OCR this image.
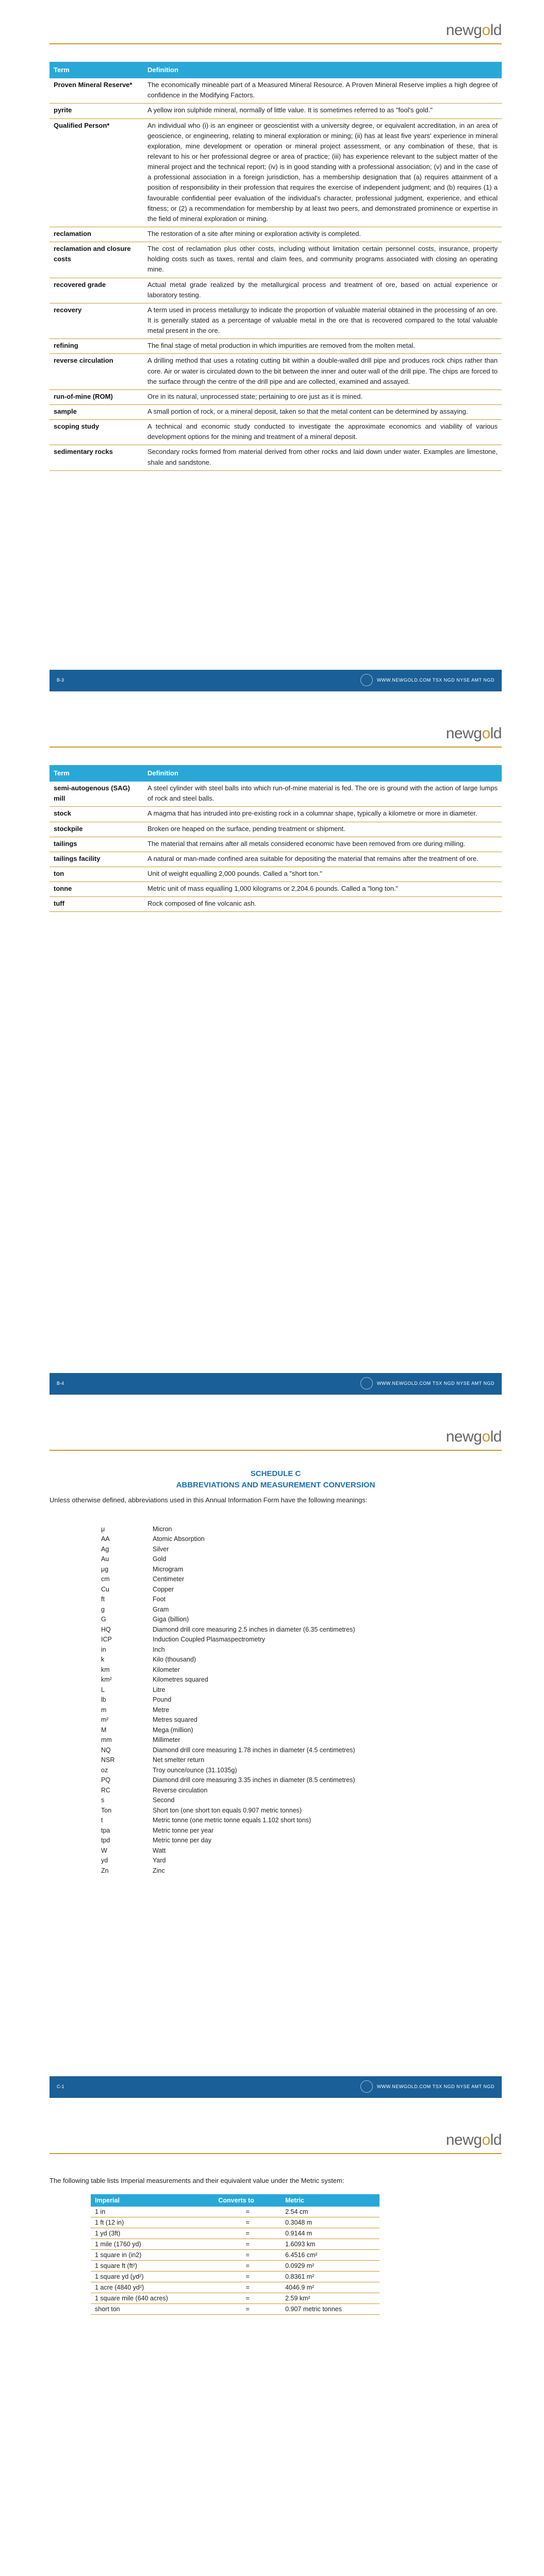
newgold
Term	Definition
Proven Mineral Reserve*	The economically mineable part of a Measured Mineral Resource. A Proven Mineral Reserve implies a high degree of confidence in the Modifying Factors.
pyrite	A yellow iron sulphide mineral, normally of little value. It is sometimes referred to as "fool's gold."
Qualified Person*	An individual who (i) is an engineer or geoscientist with a university degree, or equivalent accreditation, in an area of geoscience, or engineering, relating to mineral exploration or mining; (ii) has at least five years' experience in mineral exploration, mine development or operation or mineral project assessment, or any combination of these, that is relevant to his or her professional degree or area of practice; (iii) has experience relevant to the subject matter of the mineral project and the technical report; (iv) is in good standing with a professional association; (v) and in the case of a professional association in a foreign jurisdiction, has a membership designation that (a) requires attainment of a position of responsibility in their profession that requires the exercise of independent judgment; and (b) requires (1) a favourable confidential peer evaluation of the individual's character, professional judgment, experience, and ethical fitness; or (2) a recommendation for membership by at least two peers, and demonstrated prominence or expertise in the field of mineral exploration or mining.
reclamation	The restoration of a site after mining or exploration activity is completed.
reclamation and closure costs	The cost of reclamation plus other costs, including without limitation certain personnel costs, insurance, property holding costs such as taxes, rental and claim fees, and community programs associated with closing an operating mine.
recovered grade	Actual metal grade realized by the metallurgical process and treatment of ore, based on actual experience or laboratory testing.
recovery	A term used in process metallurgy to indicate the proportion of valuable material obtained in the processing of an ore. It is generally stated as a percentage of valuable metal in the ore that is recovered compared to the total valuable metal present in the ore.
refining	The final stage of metal production in which impurities are removed from the molten metal.
reverse circulation	A drilling method that uses a rotating cutting bit within a double-walled drill pipe and produces rock chips rather than core. Air or water is circulated down to the bit between the inner and outer wall of the drill pipe. The chips are forced to the surface through the centre of the drill pipe and are collected, examined and assayed.
run-of-mine (ROM)	Ore in its natural, unprocessed state; pertaining to ore just as it is mined.
sample	A small portion of rock, or a mineral deposit, taken so that the metal content can be determined by assaying.
scoping study	A technical and economic study conducted to investigate the approximate economics and viability of various development options for the mining and treatment of a mineral deposit.
sedimentary rocks	Secondary rocks formed from material derived from other rocks and laid down under water. Examples are limestone, shale and sandstone.
B-3	WWW.NEWGOLD.COM TSX NGD NYSE AMT NGD
newgold
Term	Definition
semi-autogenous (SAG) mill	A steel cylinder with steel balls into which run-of-mine material is fed. The ore is ground with the action of large lumps of rock and steel balls.
stock	A magma that has intruded into pre-existing rock in a columnar shape, typically a kilometre or more in diameter.
stockpile	Broken ore heaped on the surface, pending treatment or shipment.
tailings	The material that remains after all metals considered economic have been removed from ore during milling.
tailings facility	A natural or man-made confined area suitable for depositing the material that remains after the treatment of ore.
ton	Unit of weight equalling 2,000 pounds. Called a "short ton."
tonne	Metric unit of mass equalling 1,000 kilograms or 2,204.6 pounds. Called a "long ton."
tuff	Rock composed of fine volcanic ash.
B-4	WWW.NEWGOLD.COM TSX NGD NYSE AMT NGD
newgold
SCHEDULE C
ABBREVIATIONS AND MEASUREMENT CONVERSION

Unless otherwise defined, abbreviations used in this Annual Information Form have the following meanings:

μ	Micron
AA	Atomic Absorption
Ag	Silver
Au	Gold
μg	Microgram
cm	Centimeter
Cu	Copper
ft	Foot
g	Gram
G	Giga (billion)
HQ	Diamond drill core measuring 2.5 inches in diameter (6.35 centimetres)
ICP	Induction Coupled Plasmaspectrometry
in	Inch
k	Kilo (thousand)
km	Kilometer
km²	Kilometres squared
L	Litre
lb	Pound
m	Metre
m²	Metres squared
M	Mega (million)
mm	Millimeter
NQ	Diamond drill core measuring 1.78 inches in diameter (4.5 centimetres)
NSR	Net smelter return
oz	Troy ounce/ounce (31.1035g)
PQ	Diamond drill core measuring 3.35 inches in diameter (8.5 centimetres)
RC	Reverse circulation
s	Second
Ton	Short ton (one short ton equals 0.907 metric tonnes)
t	Metric tonne (one metric tonne equals 1.102 short tons)
tpa	Metric tonne per year
tpd	Metric tonne per day
W	Watt
yd	Yard
Zn	Zinc
C-1	WWW.NEWGOLD.COM TSX NGD NYSE AMT NGD
newgold

The following table lists Imperial measurements and their equivalent value under the Metric system:

Imperial	Converts to	Metric
1 in	=	2.54 cm
1 ft (12 in)	=	0.3048 m
1 yd (3ft)	=	0.9144 m
1 mile (1760 yd)	=	1.6093 km
1 square in (in2)	=	6.4516 cm²
1 square ft (ft²)	=	0.0929 m²
1 square yd (yd²)	=	0.8361 m²
1 acre (4840 yd²)	=	4046.9 m²
1 square mile (640 acres)	=	2.59 km²
short ton	=	0.907 metric tonnes
